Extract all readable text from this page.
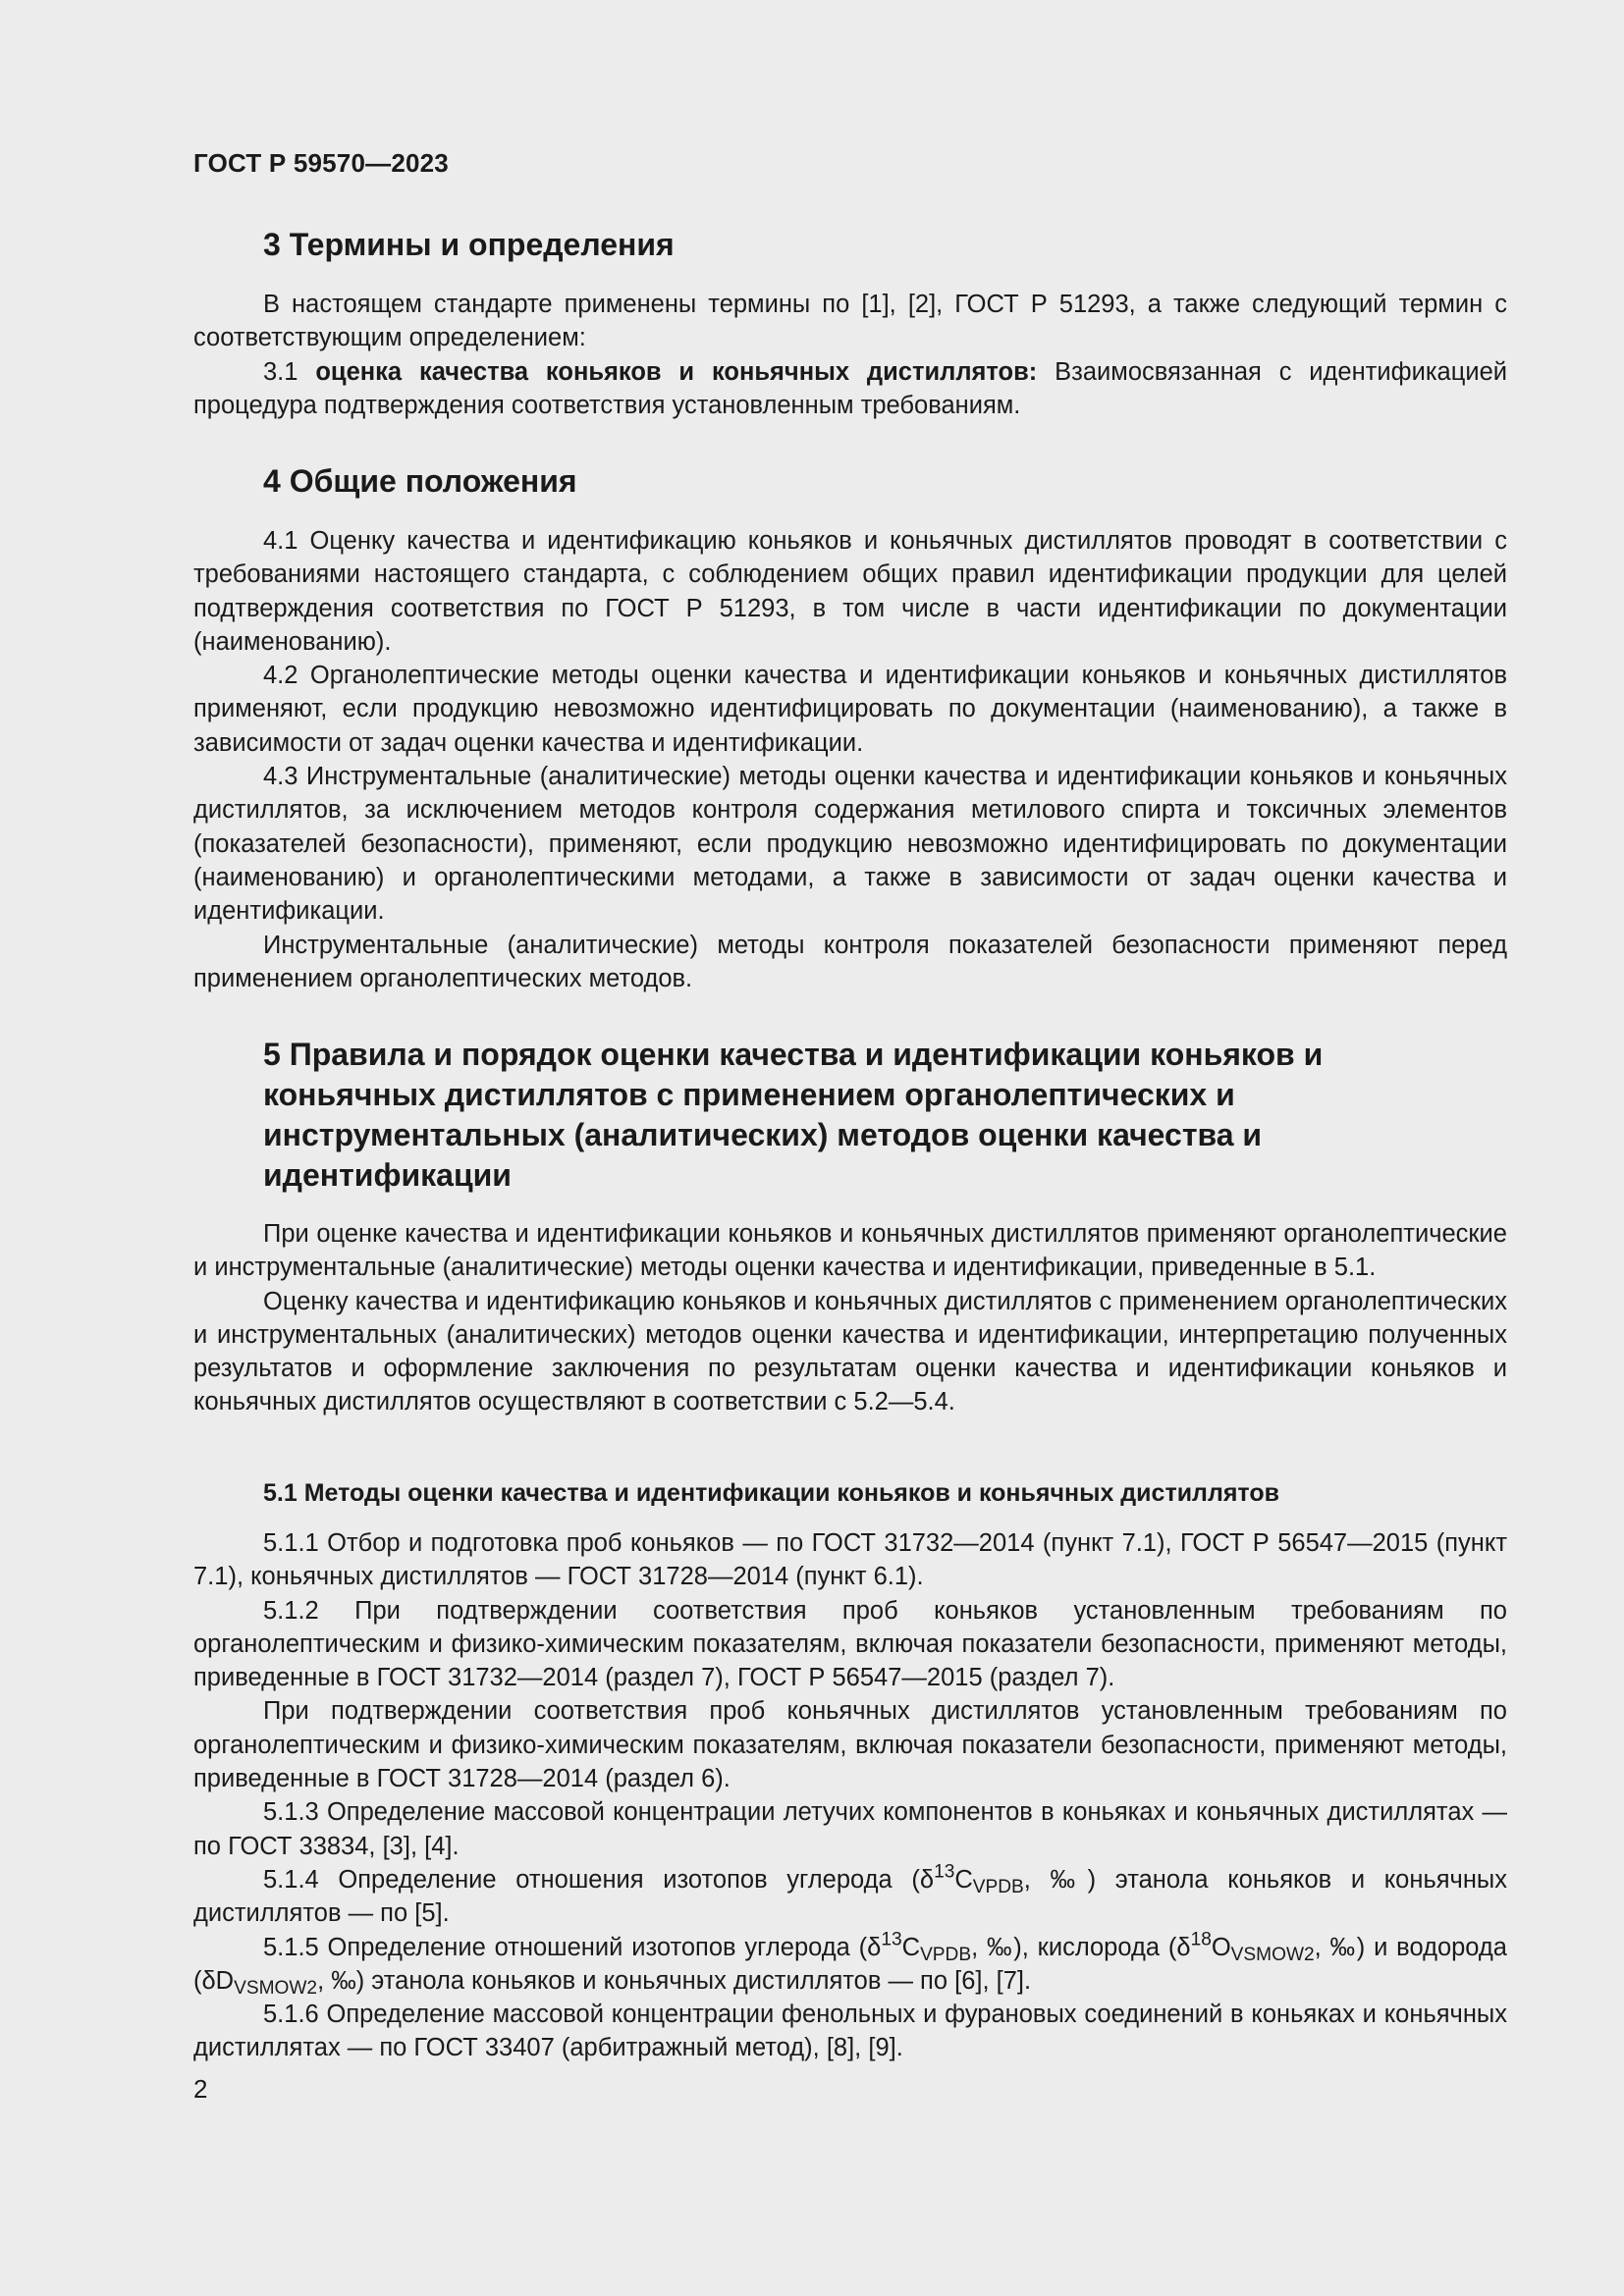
ГОСТ Р 59570—2023
3 Термины и определения

В настоящем стандарте применены термины по [1], [2], ГОСТ Р 51293, а также следующий термин с соответствующим определением:

3.1 оценка качества коньяков и коньячных дистиллятов: Взаимосвязанная с идентификацией процедура подтверждения соответствия установленным требованиям.

4 Общие положения

4.1 Оценку качества и идентификацию коньяков и коньячных дистиллятов проводят в соответствии с требованиями настоящего стандарта, с соблюдением общих правил идентификации продукции для целей подтверждения соответствия по ГОСТ Р 51293, в том числе в части идентификации по документации (наименованию).

4.2 Органолептические методы оценки качества и идентификации коньяков и коньячных дистиллятов применяют, если продукцию невозможно идентифицировать по документации (наименованию), а также в зависимости от задач оценки качества и идентификации.

4.3 Инструментальные (аналитические) методы оценки качества и идентификации коньяков и коньячных дистиллятов, за исключением методов контроля содержания метилового спирта и токсичных элементов (показателей безопасности), применяют, если продукцию невозможно идентифицировать по документации (наименованию) и органолептическими методами, а также в зависимости от задач оценки качества и идентификации.

Инструментальные (аналитические) методы контроля показателей безопасности применяют перед применением органолептических методов.

5 Правила и порядок оценки качества и идентификации коньяков и коньячных дистиллятов с применением органолептических и инструментальных (аналитических) методов оценки качества и идентификации

При оценке качества и идентификации коньяков и коньячных дистиллятов применяют органолептические и инструментальные (аналитические) методы оценки качества и идентификации, приведенные в 5.1.

Оценку качества и идентификацию коньяков и коньячных дистиллятов с применением органолептических и инструментальных (аналитических) методов оценки качества и идентификации, интерпретацию полученных результатов и оформление заключения по результатам оценки качества и идентификации коньяков и коньячных дистиллятов осуществляют в соответствии с 5.2—5.4.

5.1 Методы оценки качества и идентификации коньяков и коньячных дистиллятов

5.1.1 Отбор и подготовка проб коньяков — по ГОСТ 31732—2014 (пункт 7.1), ГОСТ Р 56547—2015 (пункт 7.1), коньячных дистиллятов — ГОСТ 31728—2014 (пункт 6.1).

5.1.2 При подтверждении соответствия проб коньяков установленным требованиям по органолептическим и физико-химическим показателям, включая показатели безопасности, применяют методы, приведенные в ГОСТ 31732—2014 (раздел 7), ГОСТ Р 56547—2015 (раздел 7).

При подтверждении соответствия проб коньячных дистиллятов установленным требованиям по органолептическим и физико-химическим показателям, включая показатели безопасности, применяют методы, приведенные в ГОСТ 31728—2014 (раздел 6).

5.1.3 Определение массовой концентрации летучих компонентов в коньяках и коньячных дистиллятах — по ГОСТ 33834, [3], [4].

5.1.4 Определение отношения изотопов углерода ($\delta^{13}C_{VPDB}$, ‰) этанола коньяков и коньячных дистиллятов — по [5].

5.1.5 Определение отношений изотопов углерода ($\delta^{13}C_{VPDB}$, ‰), кислорода ($\delta^{18}O_{VSMOW2}$, ‰) и водорода ($\delta D_{VSMOW2}$, ‰) этанола коньяков и коньячных дистиллятов — по [6], [7].

5.1.6 Определение массовой концентрации фенольных и фурановых соединений в коньяках и коньячных дистиллятах — по ГОСТ 33407 (арбитражный метод), [8], [9].

2
